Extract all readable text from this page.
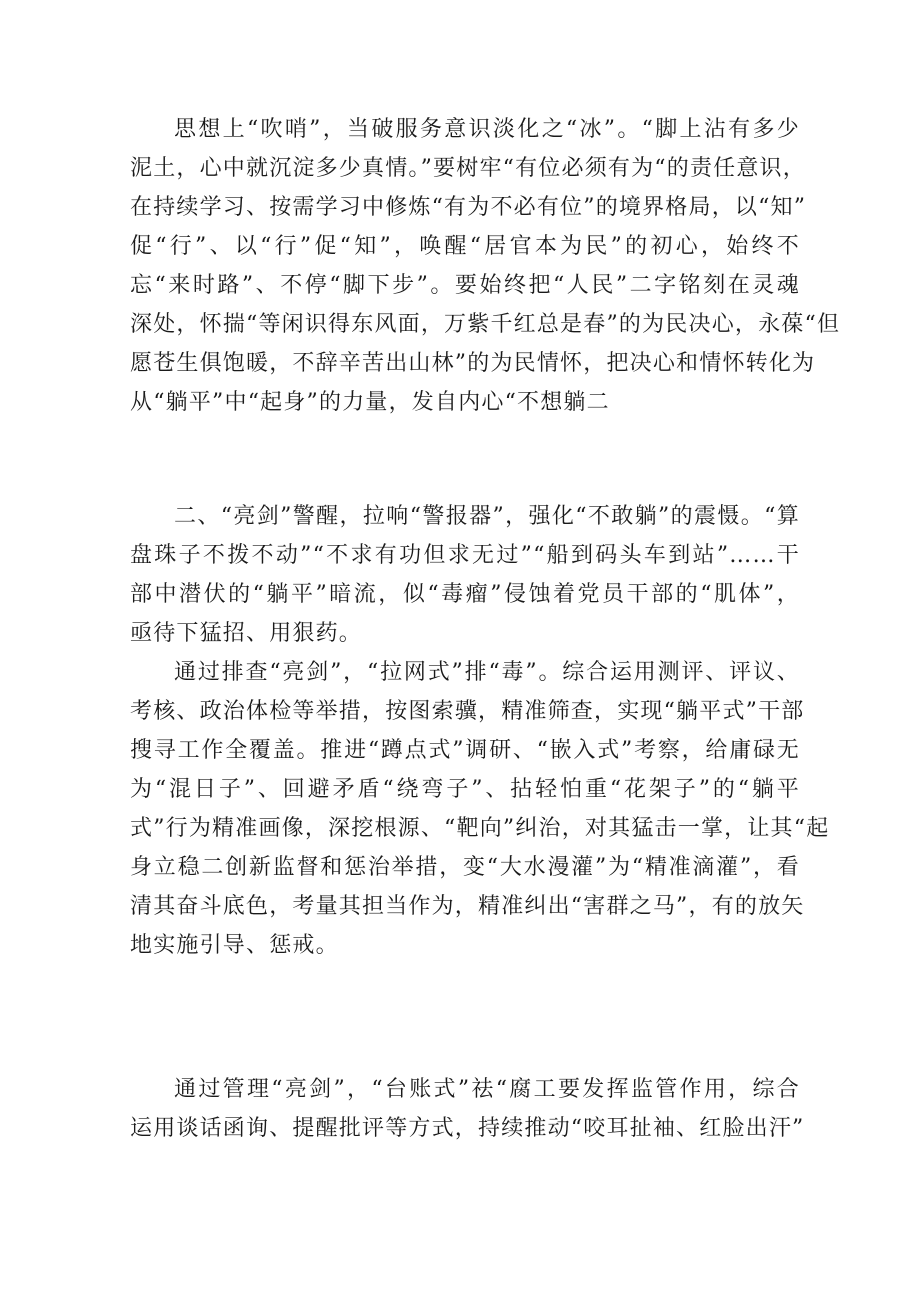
思想上“吹哨”，当破服务意识淡化之“冰”。“脚上沾有多少
泥土，心中就沉淀多少真情。”要树牢“有位必须有为“的责任意识，
在持续学习、按需学习中修炼“有为不必有位”的境界格局，以“知”
促“行”、以“行”促“知”，唤醒“居官本为民”的初心，始终不
忘“来时路”、不停“脚下步”。要始终把“人民”二字铭刻在灵魂
深处，怀揣“等闲识得东风面，万紫千红总是春”的为民决心，永葆“但
愿苍生俱饱暖，不辞辛苦出山林”的为民情怀，把决心和情怀转化为
从“躺平”中“起身”的力量，发自内心“不想躺二
二、“亮剑”警醒，拉响“警报器”，强化“不敢躺”的震慑。“算
盘珠子不拨不动”“不求有功但求无过”“船到码头车到站”……干
部中潜伏的“躺平”暗流，似“毒瘤”侵蚀着党员干部的“肌体”，
亟待下猛招、用狠药。
通过排查“亮剑”，“拉网式”排“毒”。综合运用测评、评议、
考核、政治体检等举措，按图索骥，精准筛查，实现“躺平式”干部
搜寻工作全覆盖。推进“蹲点式”调研、“嵌入式”考察，给庸碌无
为“混日子”、回避矛盾“绕弯子”、拈轻怕重“花架子”的“躺平
式”行为精准画像，深挖根源、“靶向”纠治，对其猛击一掌，让其“起
身立稳二创新监督和惩治举措，变“大水漫灌”为“精准滴灌”，看
清其奋斗底色，考量其担当作为，精准纠出“害群之马”，有的放矢
地实施引导、惩戒。
通过管理“亮剑”，“台账式”祛“腐工要发挥监管作用，综合
运用谈话函询、提醒批评等方式，持续推动“咬耳扯袖、红脸出汗”
